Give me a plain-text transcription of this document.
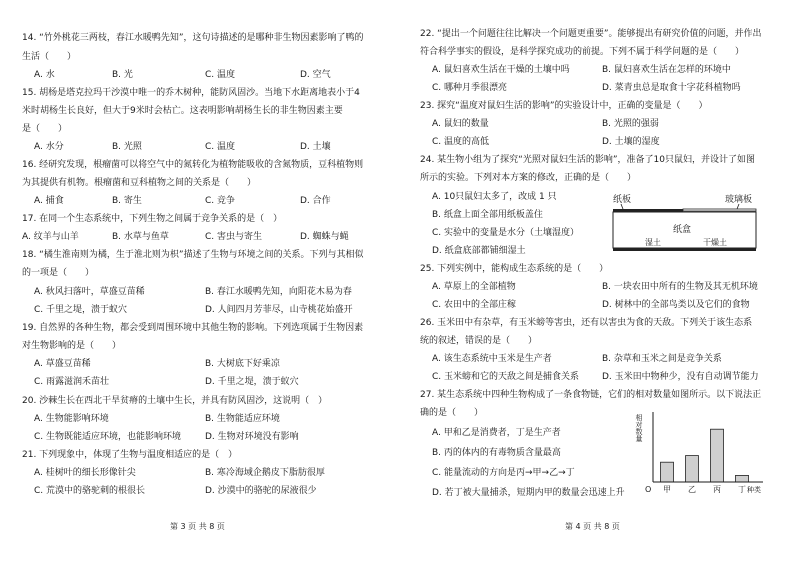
14. “竹外桃花三两枝，春江水暖鸭先知”，这句诗描述的是哪种非生物因素影响了鸭的
生活（　　）
A. 水	B. 光	C. 温度	D. 空气
15. 胡杨是塔克拉玛干沙漠中唯一的乔木树种，能防风固沙。当地下水距离地表小于4
米时胡杨生长良好，但大于9米时会枯亡。这表明影响胡杨生长的非生物因素主要
是（　　）
A. 水分	B. 光照	C. 温度	D. 土壤
16. 经研究发现，根瘤菌可以将空气中的氮转化为植物能吸收的含氮物质，豆科植物则
为其提供有机物。根瘤菌和豆科植物之间的关系是（　　）
A. 捕食	B. 寄生	C. 竞争	D. 合作
17. 在同一个生态系统中，下列生物之间属于竞争关系的是（　）
A. 纹羊与山羊	B. 水草与鱼草	C. 害虫与寄生	D. 蜘蛛与蝇
18. “橘生淮南则为橘，生于淮北则为枳”描述了生物与环境之间的关系。下列与其相似
的一项是（　　）
A. 秋风扫落叶，草盛豆苗稀	B. 春江水暖鸭先知，向阳花木易为春
C. 千里之堤，溃于蚁穴	D. 人间四月芳菲尽，山寺桃花始盛开
19. 自然界的各种生物，都会受到周围环境中其他生物的影响。下列选项属于生物因素
对生物影响的是（　　）
A. 草盛豆苗稀	B. 大树底下好乘凉
C. 雨露滋润禾苗壮	D. 千里之堤，溃于蚁穴
20. 沙棘生长在西北干旱贫瘠的土壤中生长，并具有防风固沙，这说明（　）
A. 生物能影响环境	B. 生物能适应环境
C. 生物既能适应环境，也能影响环境	D. 生物对环境没有影响
21. 下列现象中，体现了生物与温度相适应的是（　）
A. 桂树叶的细长形像针尖	B. 寒冷海域企鹅皮下脂肪很厚
C. 荒漠中的骆驼刺的根很长	D. 沙漠中的骆驼的尿液很少
第 3 页 共 8 页
22. “提出一个问题往往比解决一个问题更重要”。能够提出有研究价值的问题，并作出
符合科学事实的假设，是科学探究成功的前提。下列不属于科学问题的是（　　）
A. 鼠妇喜欢生活在干燥的土壤中吗	B. 鼠妇喜欢生活在怎样的环境中
C. 哪种月季很漂亮	D. 菜青虫总是取食十字花科植物吗
23. 探究“温度对鼠妇生活的影响”的实验设计中，正确的变量是（　　）
A. 鼠妇的数量	B. 光照的强弱
C. 温度的高低	D. 土壤的湿度
24. 某生物小组为了探究“光照对鼠妇生活的影响”，准备了10只鼠妇，并设计了如图
所示的实验。下列对本方案的修改，正确的是（　　）
A. 10只鼠妇太多了，改成 1 只
B. 纸盒上面全部用纸板盖住
C. 实验中的变量是水分（土壤湿度）
D. 纸盒底部都铺细湿土
纸板	玻璃板
纸盒
湿土	干燥土
25. 下列实例中，能构成生态系统的是（　　）
A. 草原上的全部植物	B. 一块农田中所有的生物及其无机环境
C. 农田中的全部庄稼	D. 树林中的全部鸟类以及它们的食物
26. 玉米田中有杂草，有玉米螃等害虫，还有以害虫为食的天敌。下列关于该生态系
统的叙述，错误的是（　　）
A. 该生态系统中玉米是生产者	B. 杂草和玉米之间是竞争关系
C. 玉米螃和它的天敌之间是捕食关系	D. 玉米田中物种少，没有自动调节能力
27. 某生态系统中四种生物构成了一条食物链，它们的相对数量如图所示。以下说法正
确的是（　　）
A. 甲和乙是消费者，丁是生产者
B. 丙的体内的有毒物质含量最高
C. 能量流动的方向是丙→甲→乙→丁
D. 若丁被大量捕杀，短期内甲的数量会迅速上升	甲 乙 丙 丁
O
相对数量
种类
第 4 页 共 8 页
